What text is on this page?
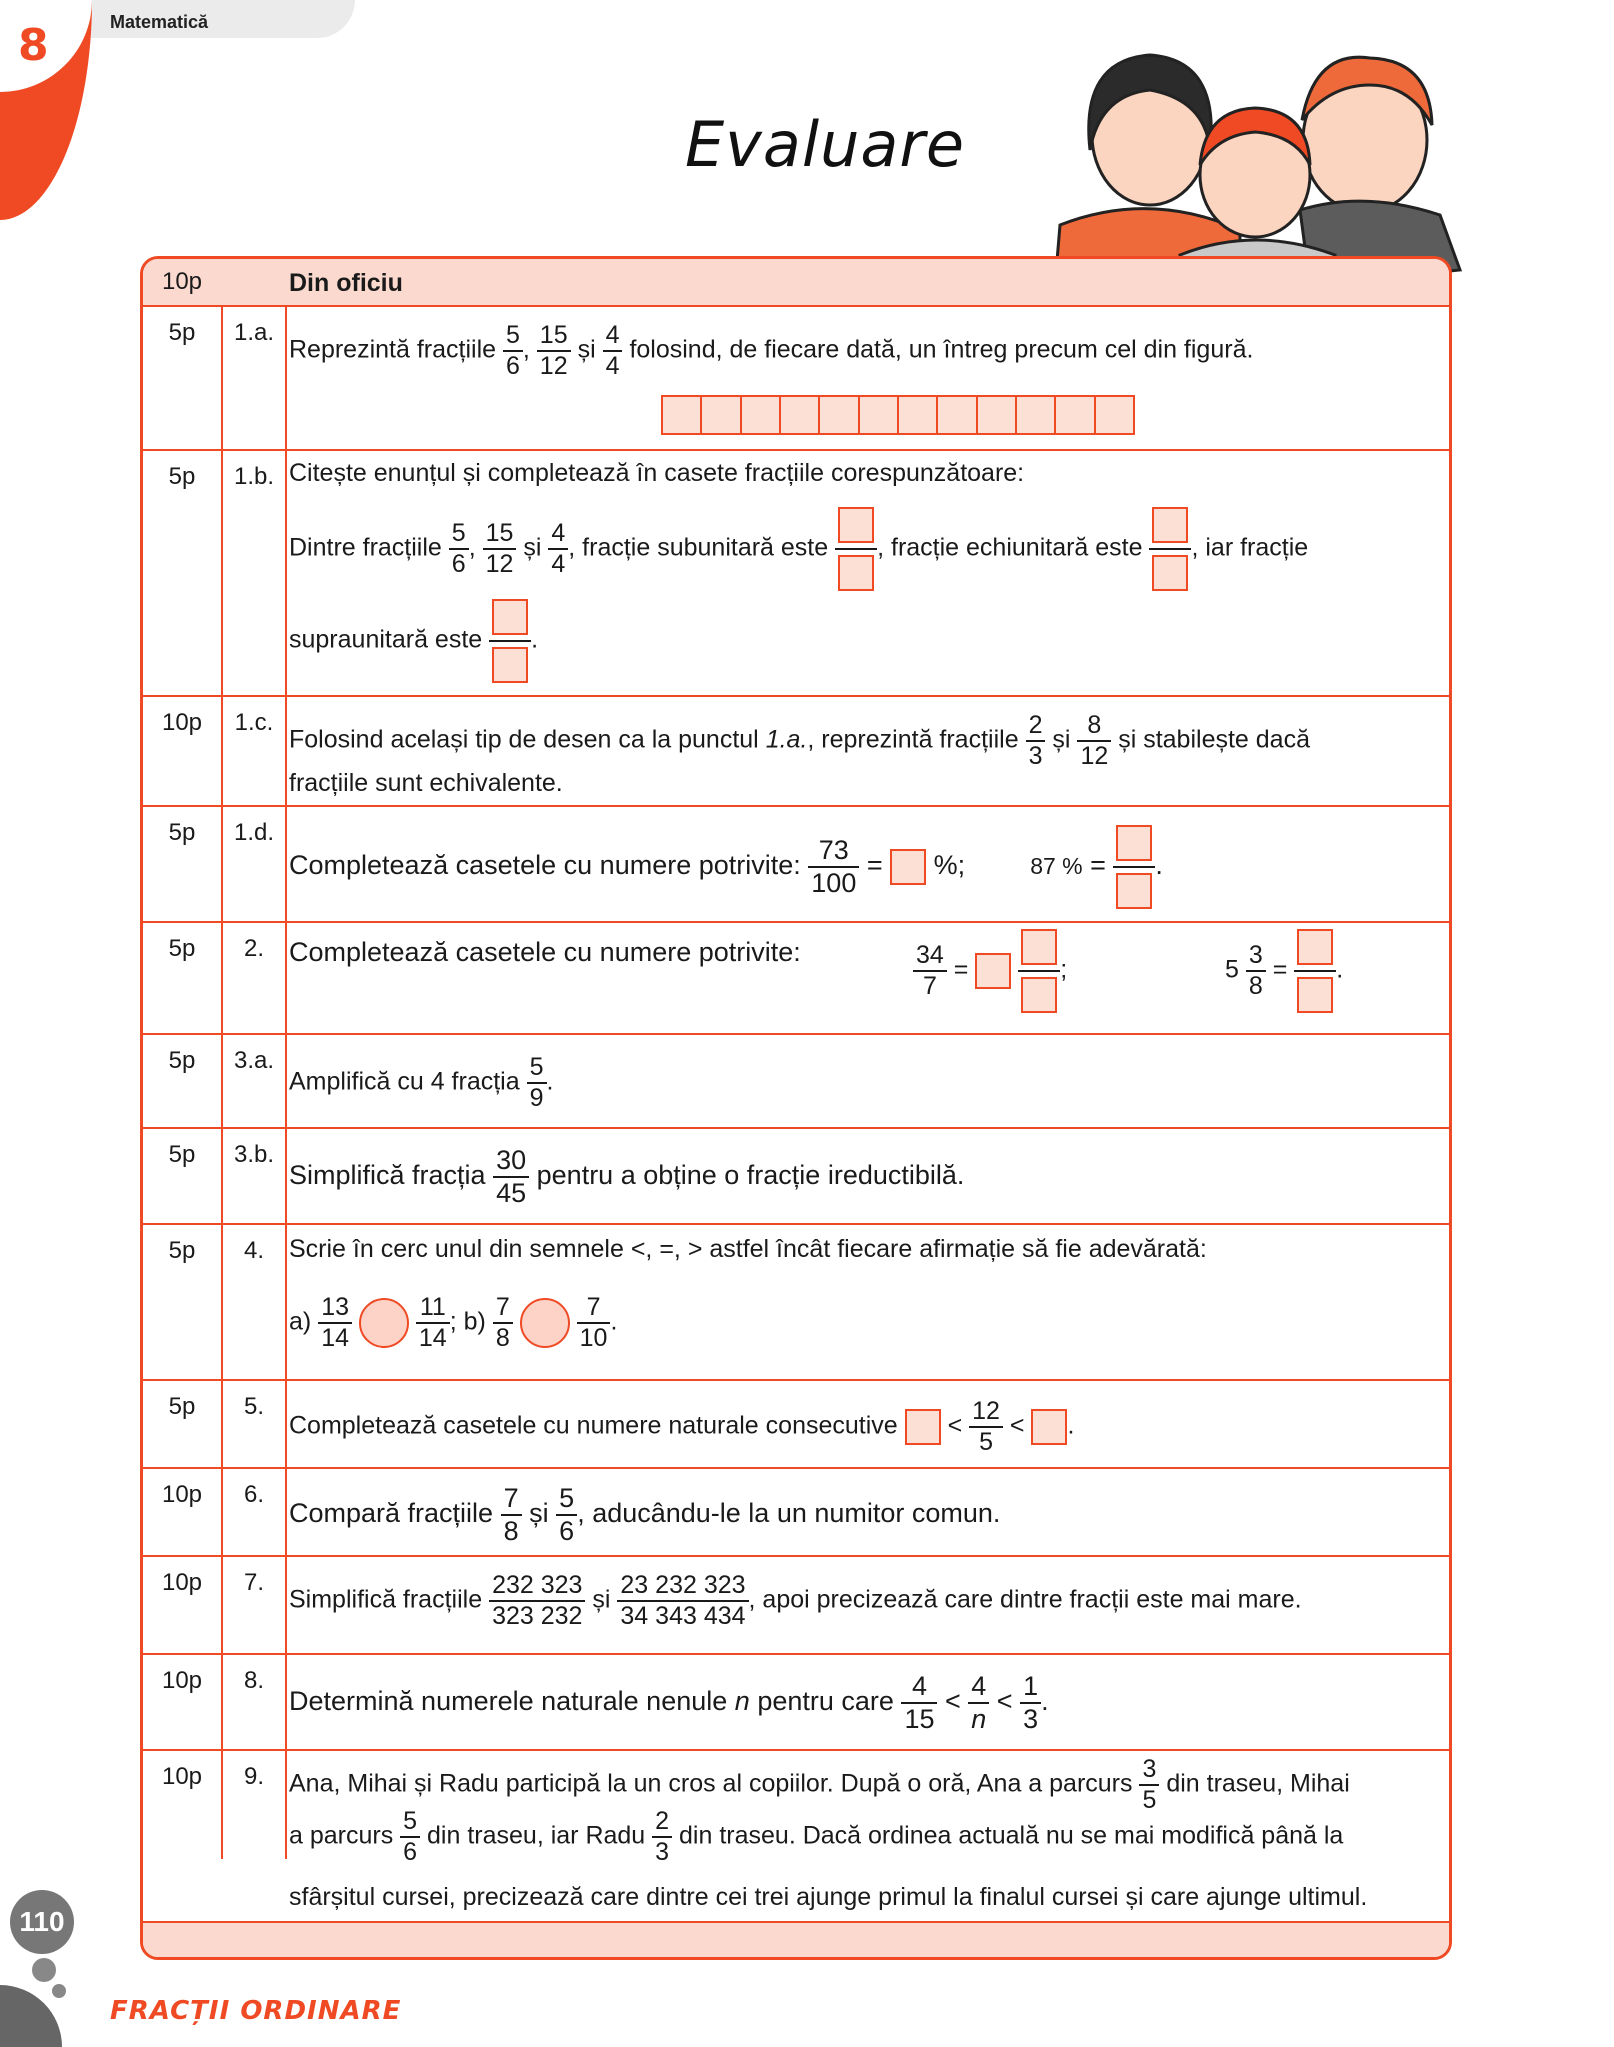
8	Matematică
Evaluare
10p	Din oficiu
5p	1.a.
Reprezintă fracțiile $\frac{5}{6}$ , $\frac{15}{12}$ și $\frac{4}{4}$ folosind, de fiecare dată, un întreg precum cel din figură.
5p	1.b. Citește enunțul și completează în casete fracțiile corespunzătoare:
Dintre fracțiile $\frac{5}{6}$ , $\frac{15}{12}$ și $\frac{4}{4}$ , fracție subunitară este , fracție echiunitară este , iar fracție
supraunitară este .
10p	1.c.
Folosind același tip de desen ca la punctul 1.a., reprezintă fracțiile $\frac{2}{3}$ și $\frac{8}{12}$ și stabilește dacă
fracțiile sunt echivalente.
5p	1.d.
Completează casetele cu numere potrivite: $\frac{73}{100}$ =  %;	87 % =
.
5p	2. Completează casetele cu numere potrivite:	$\frac{34}{7}$ =	;	$5 \frac{3}{8}$ =
.
5p	3.a.
Amplifică cu 4 fracția $\frac{5}{9}$ .
5p	3.b.
Simplifică fracția $\frac{30}{45}$ pentru a obține o fracție ireductibilă.
5p	4.	Scrie în cerc unul din semnele <, =, > astfel încât fiecare afirmație să fie adevărată:
$a) \frac{13}{14}$
	$\frac{11}{14}$ ; $b) \frac{7}{8}$
	$\frac{7}{10}$ .
5p	5.
Completează casetele cu numere naturale consecutive  < $\frac{12}{5}$ < .
10p	6.
Compară fracțiile $\frac{7}{8}$ și $\frac{5}{6}$ , aducându-le la un numitor comun.
10p	7.
Simplifică fracțiile $\frac{232 323}{323 232}$ și $\frac{23 232 323}{34 343 434}$ , apoi precizează care dintre fracții este mai mare.
10p	8.
Determină numerele naturale nenule n pentru care $\frac{4}{15} < \frac{4}{n} < \frac{1}{3}$ .
10p	9.	Ana, Mihai și Radu participă la un cros al copiilor. După o oră, Ana a parcurs $\frac{3}{5}$ din traseu, Mihai
a parcurs $\frac{5}{6}$ din traseu, iar Radu $\frac{2}{3}$ din traseu. Dacă ordinea actuală nu se mai modifică până la
sfârșitul cursei, precizează care dintre cei trei ajunge primul la finalul cursei și care ajunge ultimul.
110
FRACȚII ORDINARE
